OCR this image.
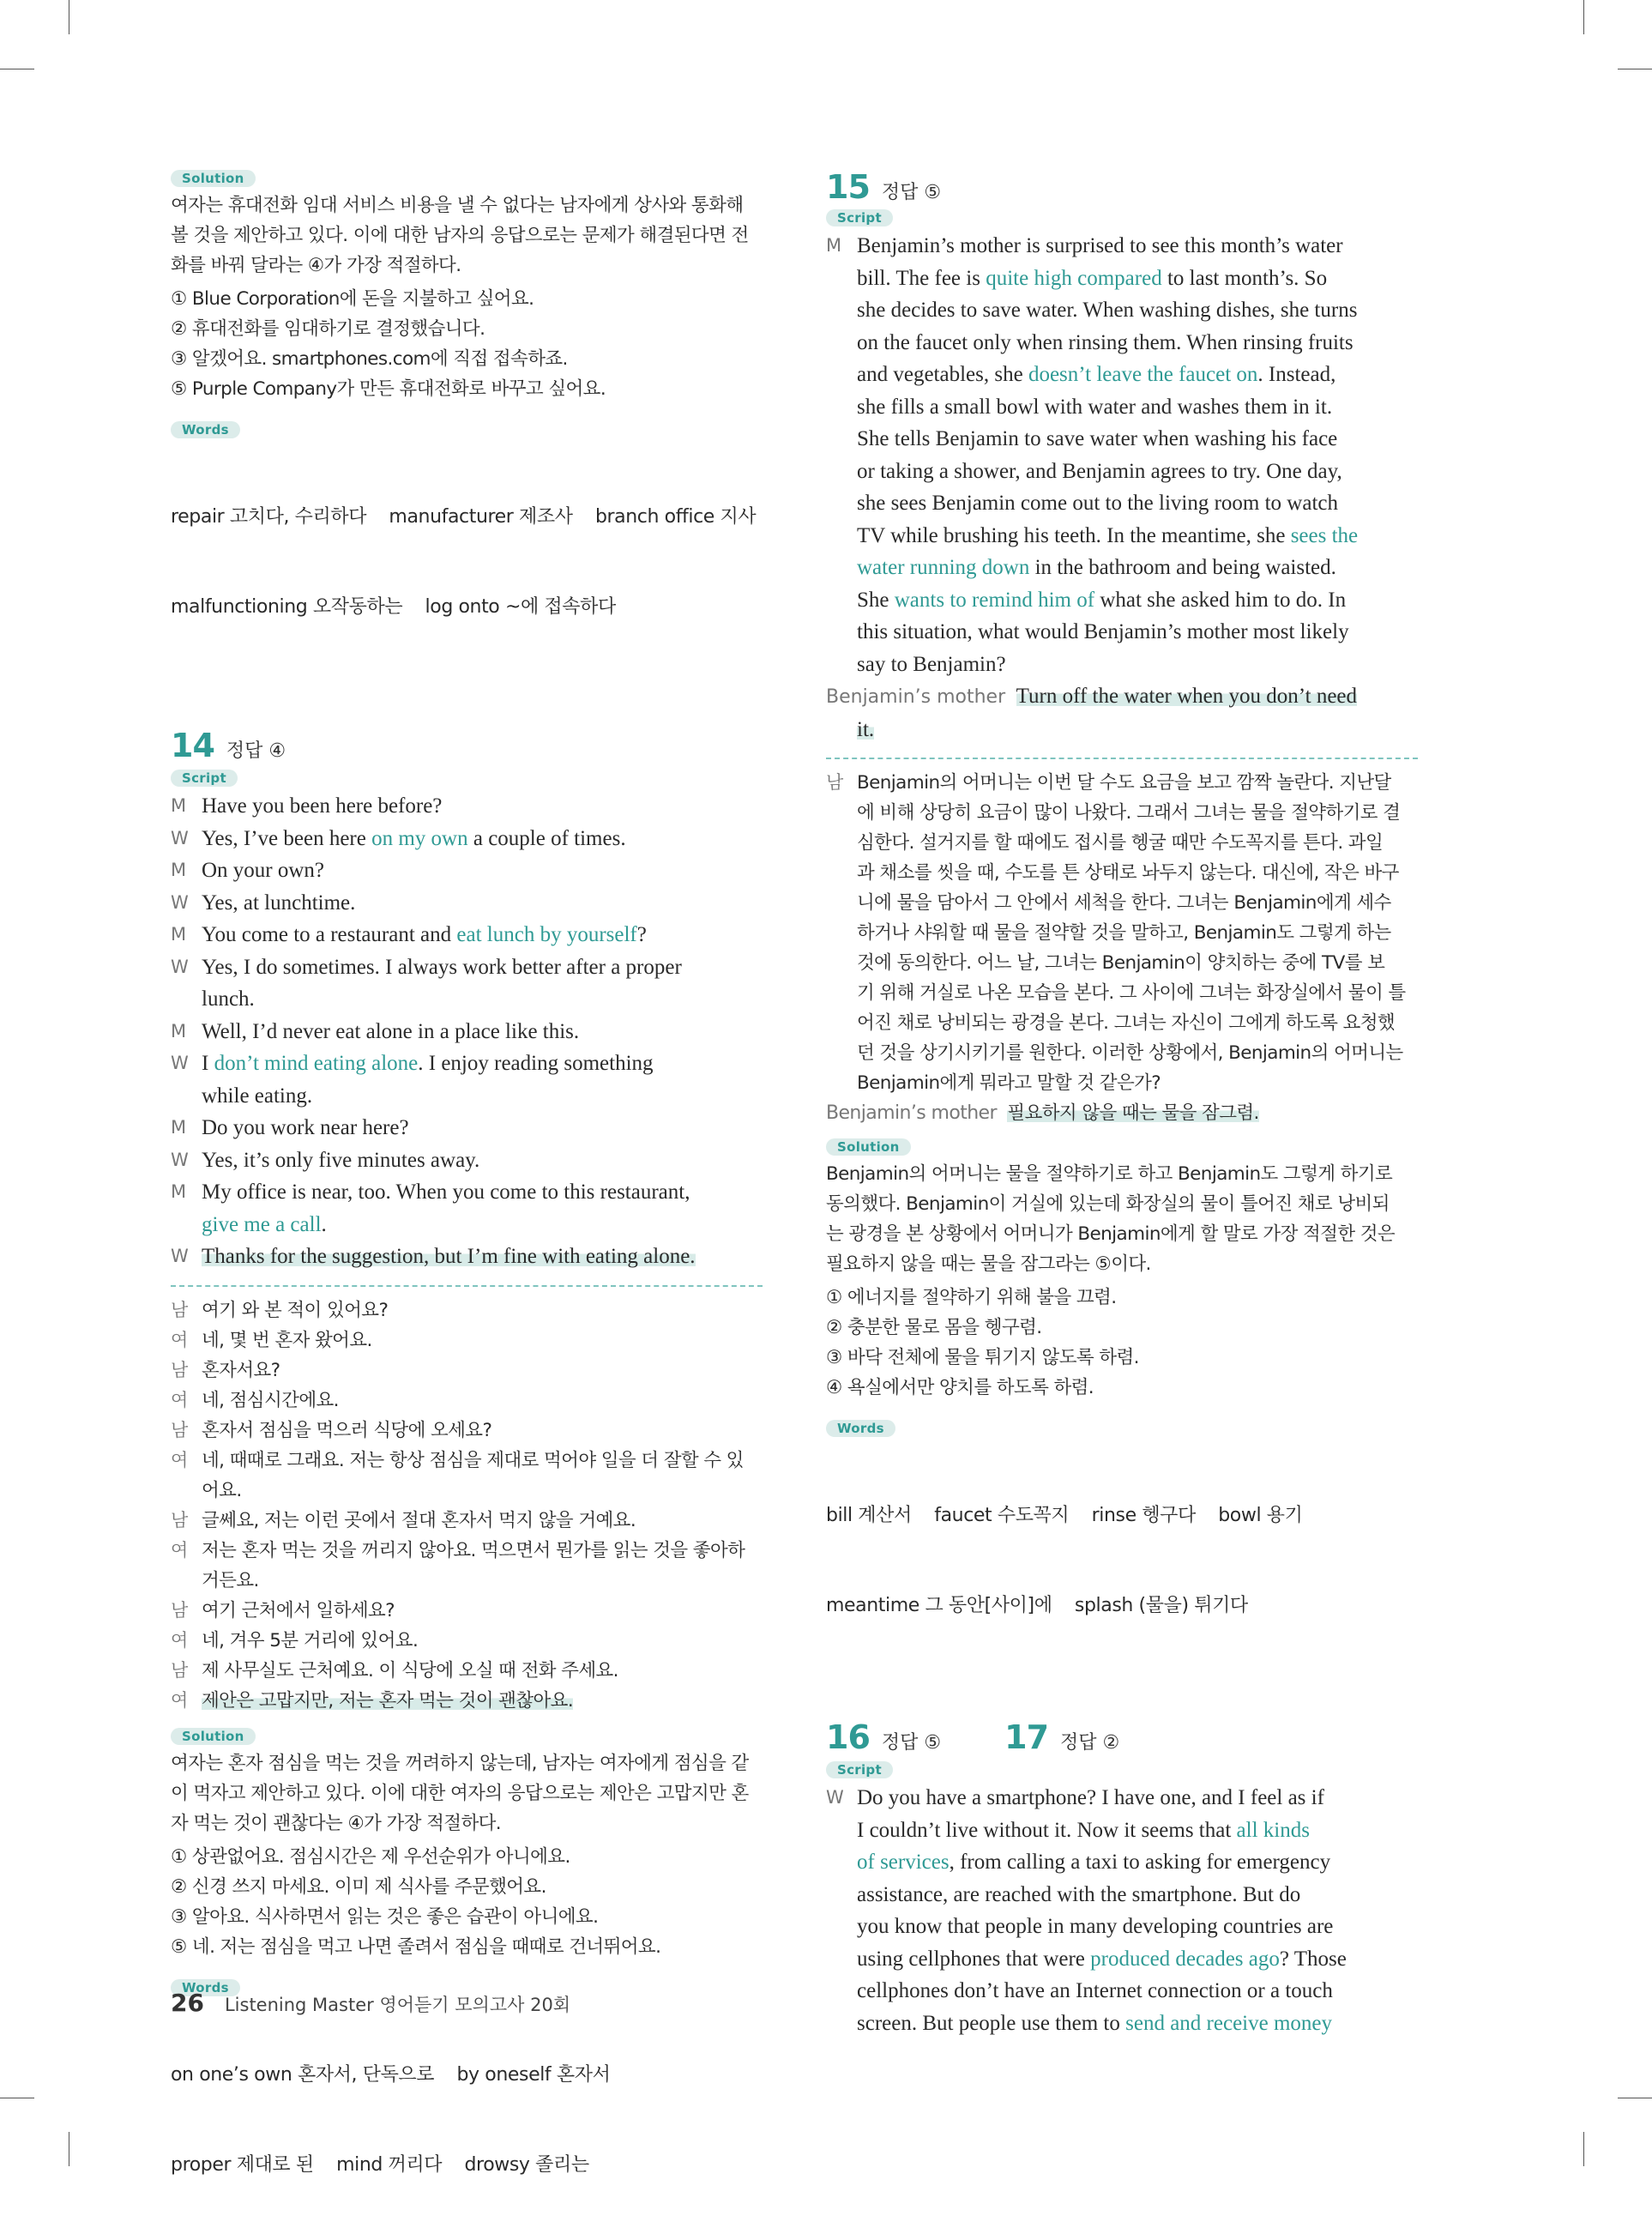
Solution
여자는 휴대전화 임대 서비스 비용을 낼 수 없다는 남자에게 상사와 통화해
볼 것을 제안하고 있다. 이에 대한 남자의 응답으로는 문제가 해결된다면 전
화를 바꿔 달라는 ④가 가장 적절하다.
① Blue Corporation에 돈을 지불하고 싶어요.
② 휴대전화를 임대하기로 결정했습니다.
③ 알겠어요. smartphones.com에 직접 접속하죠.
⑤ Purple Company가 만든 휴대전화로 바꾸고 싶어요.
Words

repair 고치다, 수리하다    manufacturer 제조사    branch office 지사

malfunctioning 오작동하는    log onto ~에 접속하다

14 정답 ④
Script
M Have you been here before?
W Yes, I’ve been here on my own a couple of times.
M On your own?
W Yes, at lunchtime.
M You come to a restaurant and eat lunch by yourself?
W Yes, I do sometimes. I always work better after a proper
lunch.
M Well, I’d never eat alone in a place like this.
W I don’t mind eating alone. I enjoy reading something
while eating.
M Do you work near here?
W Yes, it’s only five minutes away.
M My office is near, too. When you come to this restaurant,
give me a call.
W Thanks for the suggestion, but I’m fine with eating alone.
남 여기 와 본 적이 있어요?
여 네, 몇 번 혼자 왔어요.
남 혼자서요?
여 네, 점심시간에요.
남 혼자서 점심을 먹으러 식당에 오세요?
여 네, 때때로 그래요. 저는 항상 점심을 제대로 먹어야 일을 더 잘할 수 있
어요.
남 글쎄요, 저는 이런 곳에서 절대 혼자서 먹지 않을 거예요.
여 저는 혼자 먹는 것을 꺼리지 않아요. 먹으면서 뭔가를 읽는 것을 좋아하
거든요.
남 여기 근처에서 일하세요?
여 네, 겨우 5분 거리에 있어요.
남 제 사무실도 근처예요. 이 식당에 오실 때 전화 주세요.
여 제안은 고맙지만, 저는 혼자 먹는 것이 괜찮아요.
Solution
여자는 혼자 점심을 먹는 것을 꺼려하지 않는데, 남자는 여자에게 점심을 같
이 먹자고 제안하고 있다. 이에 대한 여자의 응답으로는 제안은 고맙지만 혼
자 먹는 것이 괜찮다는 ④가 가장 적절하다.
① 상관없어요. 점심시간은 제 우선순위가 아니에요.
② 신경 쓰지 마세요. 이미 제 식사를 주문했어요.
③ 알아요. 식사하면서 읽는 것은 좋은 습관이 아니에요.
⑤ 네. 저는 점심을 먹고 나면 졸려서 점심을 때때로 건너뛰어요.
Words

on one’s own 혼자서, 단독으로    by oneself 혼자서

proper 제대로 된    mind 꺼리다    drowsy 졸리는

15 정답 ⑤
Script
M Benjamin’s mother is surprised to see this month’s water
bill. The fee is quite high compared to last month’s. So
she decides to save water. When washing dishes, she turns
on the faucet only when rinsing them. When rinsing fruits
and vegetables, she doesn’t leave the faucet on. Instead,
she fills a small bowl with water and washes them in it.
She tells Benjamin to save water when washing his face
or taking a shower, and Benjamin agrees to try. One day,
she sees Benjamin come out to the living room to watch
TV while brushing his teeth. In the meantime, she sees the
water running down in the bathroom and being waisted.
She wants to remind him of what she asked him to do. In
this situation, what would Benjamin’s mother most likely
say to Benjamin?
Benjamin’s mother Turn off the water when you don’t need
it.
남 Benjamin의 어머니는 이번 달 수도 요금을 보고 깜짝 놀란다. 지난달
에 비해 상당히 요금이 많이 나왔다. 그래서 그녀는 물을 절약하기로 결
심한다. 설거지를 할 때에도 접시를 헹굴 때만 수도꼭지를 튼다. 과일
과 채소를 씻을 때, 수도를 튼 상태로 놔두지 않는다. 대신에, 작은 바구
니에 물을 담아서 그 안에서 세척을 한다. 그녀는 Benjamin에게 세수
하거나 샤워할 때 물을 절약할 것을 말하고, Benjamin도 그렇게 하는
것에 동의한다. 어느 날, 그녀는 Benjamin이 양치하는 중에 TV를 보
기 위해 거실로 나온 모습을 본다. 그 사이에 그녀는 화장실에서 물이 틀
어진 채로 낭비되는 광경을 본다. 그녀는 자신이 그에게 하도록 요청했
던 것을 상기시키기를 원한다. 이러한 상황에서, Benjamin의 어머니는
Benjamin에게 뭐라고 말할 것 같은가?
Benjamin’s mother 필요하지 않을 때는 물을 잠그렴.
Solution
Benjamin의 어머니는 물을 절약하기로 하고 Benjamin도 그렇게 하기로
동의했다. Benjamin이 거실에 있는데 화장실의 물이 틀어진 채로 낭비되
는 광경을 본 상황에서 어머니가 Benjamin에게 할 말로 가장 적절한 것은
필요하지 않을 때는 물을 잠그라는 ⑤이다.
① 에너지를 절약하기 위해 불을 끄렴.
② 충분한 물로 몸을 헹구렴.
③ 바닥 전체에 물을 튀기지 않도록 하렴.
④ 욕실에서만 양치를 하도록 하렴.
Words

bill 계산서    faucet 수도꼭지    rinse 헹구다    bowl 용기

meantime 그 동안[사이]에    splash (물을) 튀기다

16 정답 ⑤ 17 정답 ②
Script
W Do you have a smartphone? I have one, and I feel as if
I couldn’t live without it. Now it seems that all kinds
of services, from calling a taxi to asking for emergency
assistance, are reached with the smartphone. But do
you know that people in many developing countries are
using cellphones that were produced decades ago? Those
cellphones don’t have an Internet connection or a touch
screen. But people use them to send and receive money
26 Listening Master 영어듣기 모의고사 20회
